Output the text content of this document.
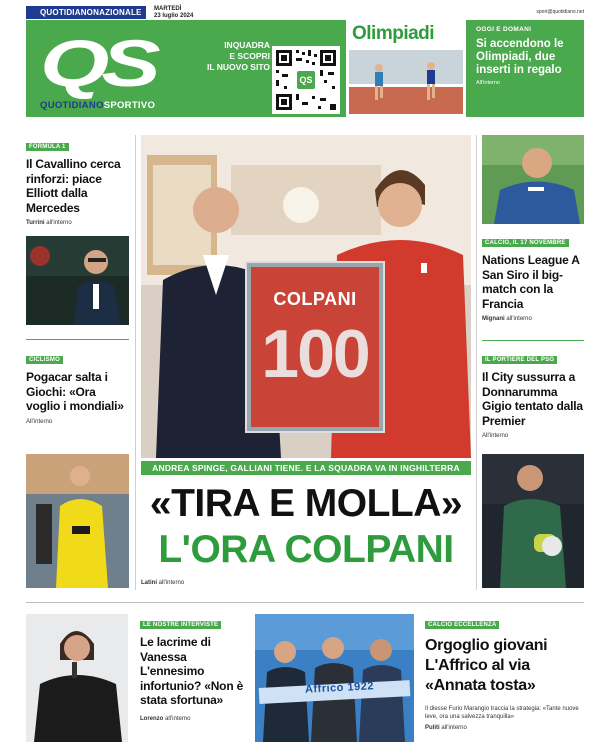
QUOTIDIANONAZIONALE	MARTEDÌ
23 luglio 2024
sport@quotidiano.net
QS
QUOTIDIANOSPORTIVO
INQUADRA
E SCOPRI
IL NUOVO SITO
QS
Olimpiadi	OGGI E DOMANI
Si accendono le Olimpiadi, due inserti in regalo
All'interno
FORMULA 1
Il Cavallino cerca rinforzi: piace Elliott dalla Mercedes
Turrini all'interno
CICLISMO
Pogacar salta i Giochi: «Ora voglio i mondiali»
All'interno
COLPANI
100
ANDREA SPINGE, GALLIANI TIENE. E LA SQUADRA VA IN INGHILTERRA
«TIRA E MOLLA»
L'ORA COLPANI
Latini all'interno
CALCIO, IL 17 NOVEMBRE
Nations League A San Siro il big-match con la Francia
Mignani all'interno
IL PORTIERE DEL PSG
Il City sussurra a Donnarumma Gigio tentato dalla Premier
All'interno
LE NOSTRE INTERVISTE
Le lacrime di Vanessa L'ennesimo infortunio? «Non è stata sfortuna»
Lorenzo all'interno
Affrico 1922
CALCIO ECCELLENZA
Orgoglio giovani L'Affrico al via «Annata tosta»
Il diesse Furio Marangio traccia la strategia: «Tante nuove leve, ora una salvezza tranquilla»
Puliti all'interno
